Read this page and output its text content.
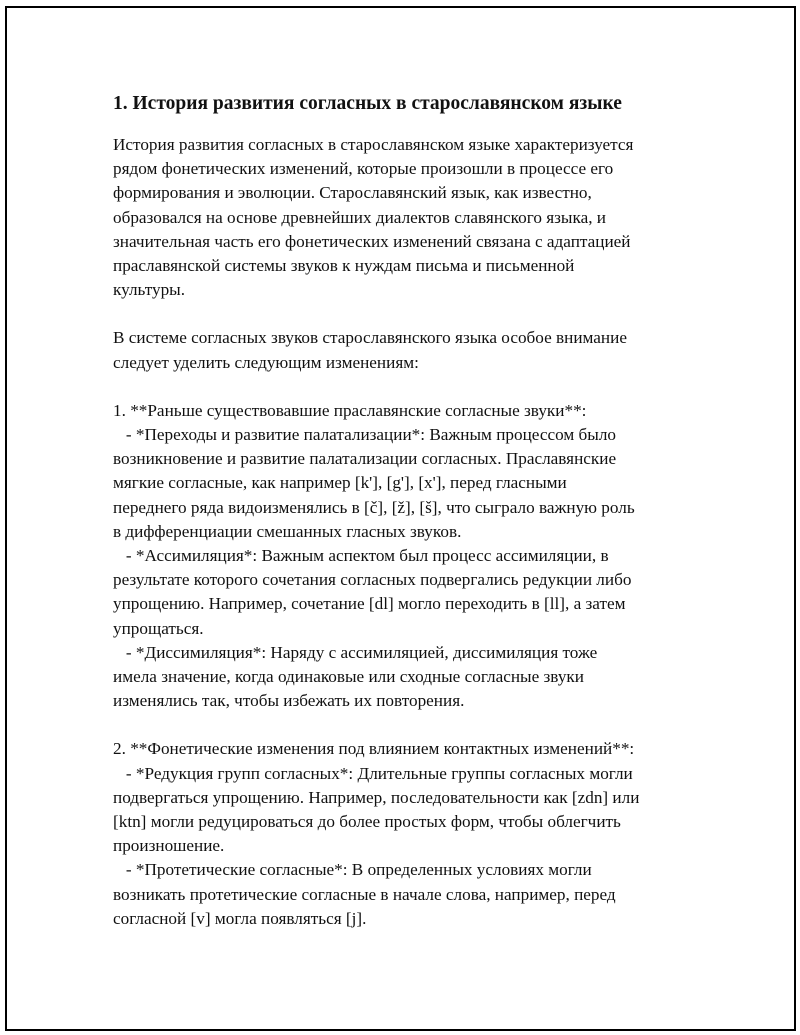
1. История развития согласных в старославянском языке

История развития согласных в старославянском языке характеризуется
рядом фонетических изменений, которые произошли в процессе его
формирования и эволюции. Старославянский язык, как известно,
образовался на основе древнейших диалектов славянского языка, и
значительная часть его фонетических изменений связана с адаптацией
праславянской системы звуков к нуждам письма и письменной
культуры.

В системе согласных звуков старославянского языка особое внимание
следует уделить следующим изменениям:

1. **Раньше существовавшие праславянские согласные звуки**:
- *Переходы и развитие палатализации*: Важным процессом было
возникновение и развитие палатализации согласных. Праславянские
мягкие согласные, как например [k'], [g'], [x'], перед гласными
переднего ряда видоизменялись в [č], [ž], [š], что сыграло важную роль
в дифференциации смешанных гласных звуков.
- *Ассимиляция*: Важным аспектом был процесс ассимиляции, в
результате которого сочетания согласных подвергались редукции либо
упрощению. Например, сочетание [dl] могло переходить в [ll], а затем
упрощаться.
- *Диссимиляция*: Наряду с ассимиляцией, диссимиляция тоже
имела значение, когда одинаковые или сходные согласные звуки
изменялись так, чтобы избежать их повторения.

2. **Фонетические изменения под влиянием контактных изменений**:
- *Редукция групп согласных*: Длительные группы согласных могли
подвергаться упрощению. Например, последовательности как [zdn] или
[ktn] могли редуцироваться до более простых форм, чтобы облегчить
произношение.
- *Протетические согласные*: В определенных условиях могли
возникать протетические согласные в начале слова, например, перед
согласной [v] могла появляться [j].
